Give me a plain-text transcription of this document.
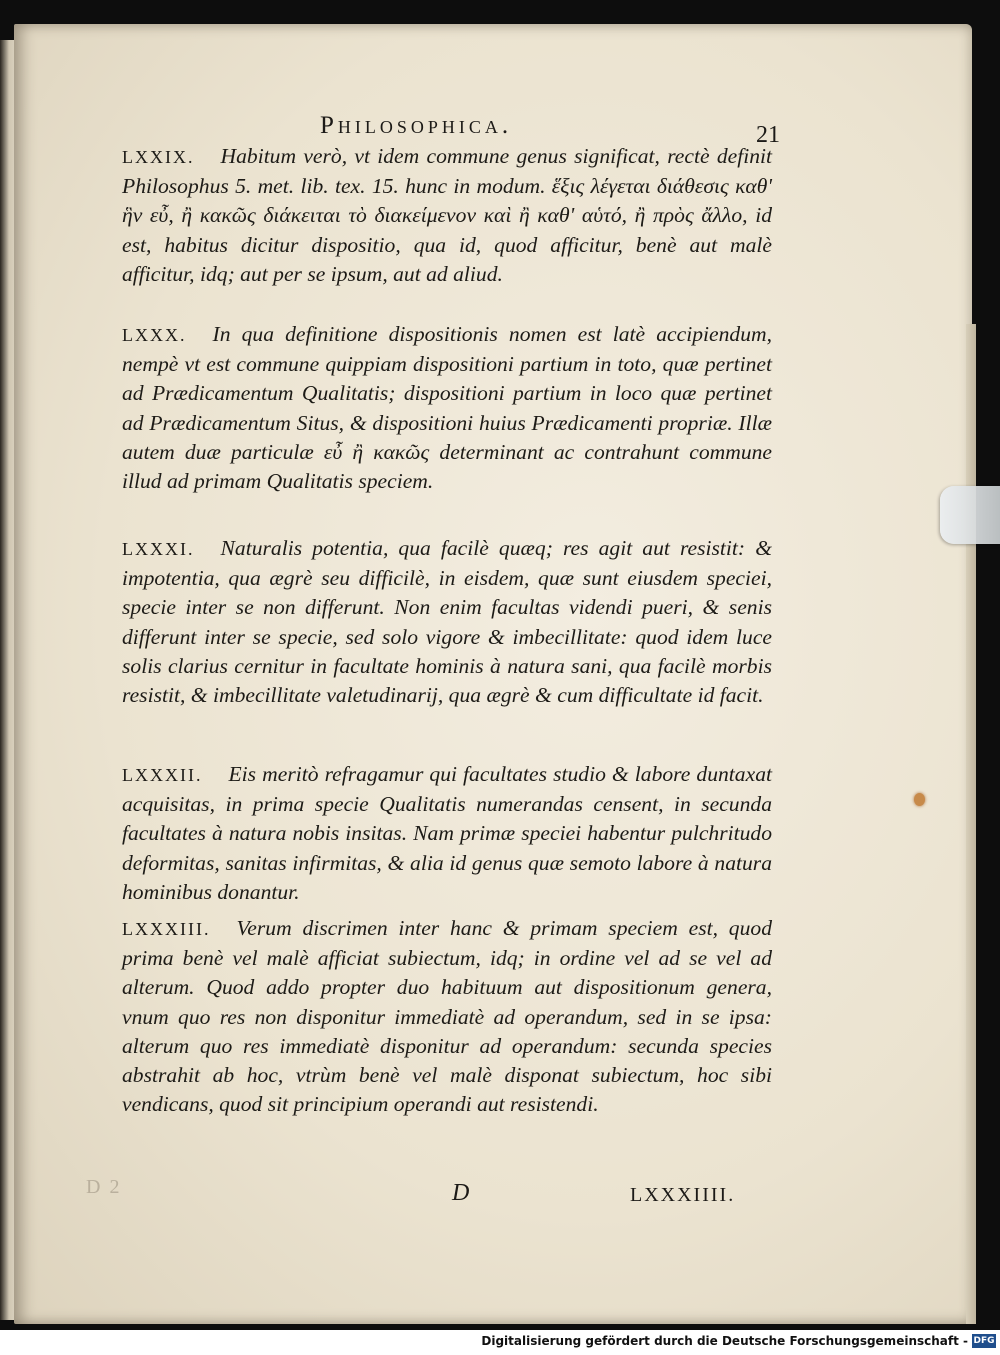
Philosophica.	21
LXXIX. Habitum verò, vt idem commune genus significat, rectè definit Philosophus 5. met. lib. tex. 15. hunc in modum. ἕξις λέγεται διάθεσις καθ' ἣν εὖ, ἢ κακῶς διάκειται τὸ διακείμενον καὶ ἢ καθ' αὑτό, ἢ πρὸς ἄλλο, id est, habitus dicitur dispositio, qua id, quod afficitur, benè aut malè afficitur, idq; aut per se ipsum, aut ad aliud.
LXXX. In qua definitione dispositionis nomen est latè accipiendum, nempè vt est commune quippiam dispositioni partium in toto, quæ pertinet ad Prædicamentum Qualitatis; dispositioni partium in loco quæ pertinet ad Prædicamentum Situs, & dispositioni huius Prædicamenti propriæ. Illæ autem duæ particulæ εὖ ἢ κακῶς determinant ac contrahunt commune illud ad primam Qualitatis speciem.
LXXXI. Naturalis potentia, qua facilè quæq; res agit aut resistit: & impotentia, qua ægrè seu difficilè, in eisdem, quæ sunt eiusdem speciei, specie inter se non differunt. Non enim facultas videndi pueri, & senis differunt inter se specie, sed solo vigore & imbecillitate: quod idem luce solis clarius cernitur in facultate hominis à natura sani, qua facilè morbis resistit, & imbecillitate valetudinarij, qua ægrè & cum difficultate id facit.
LXXXII. Eis meritò refragamur qui facultates studio & labore duntaxat acquisitas, in prima specie Qualitatis numerandas censent, in secunda facultates à natura nobis insitas. Nam primæ speciei habentur pulchritudo deformitas, sanitas infirmitas, & alia id genus quæ semoto labore à natura hominibus donantur.
LXXXIII. Verum discrimen inter hanc & primam speciem est, quod prima benè vel malè afficiat subiectum, idq; in ordine vel ad se vel ad alterum. Quod addo propter duo habituum aut dispositionum genera, vnum quo res non disponitur immediatè ad operandum, sed in se ipsa: alterum quo res immediatè disponitur ad operandum: secunda species abstrahit ab hoc, vtrùm benè vel malè disponat subiectum, hoc sibi vendicans, quod sit principium operandi aut resistendi.
D 2	D	LXXXIIII.
Digitalisierung gefördert durch die Deutsche Forschungsgemeinschaft - DFG
